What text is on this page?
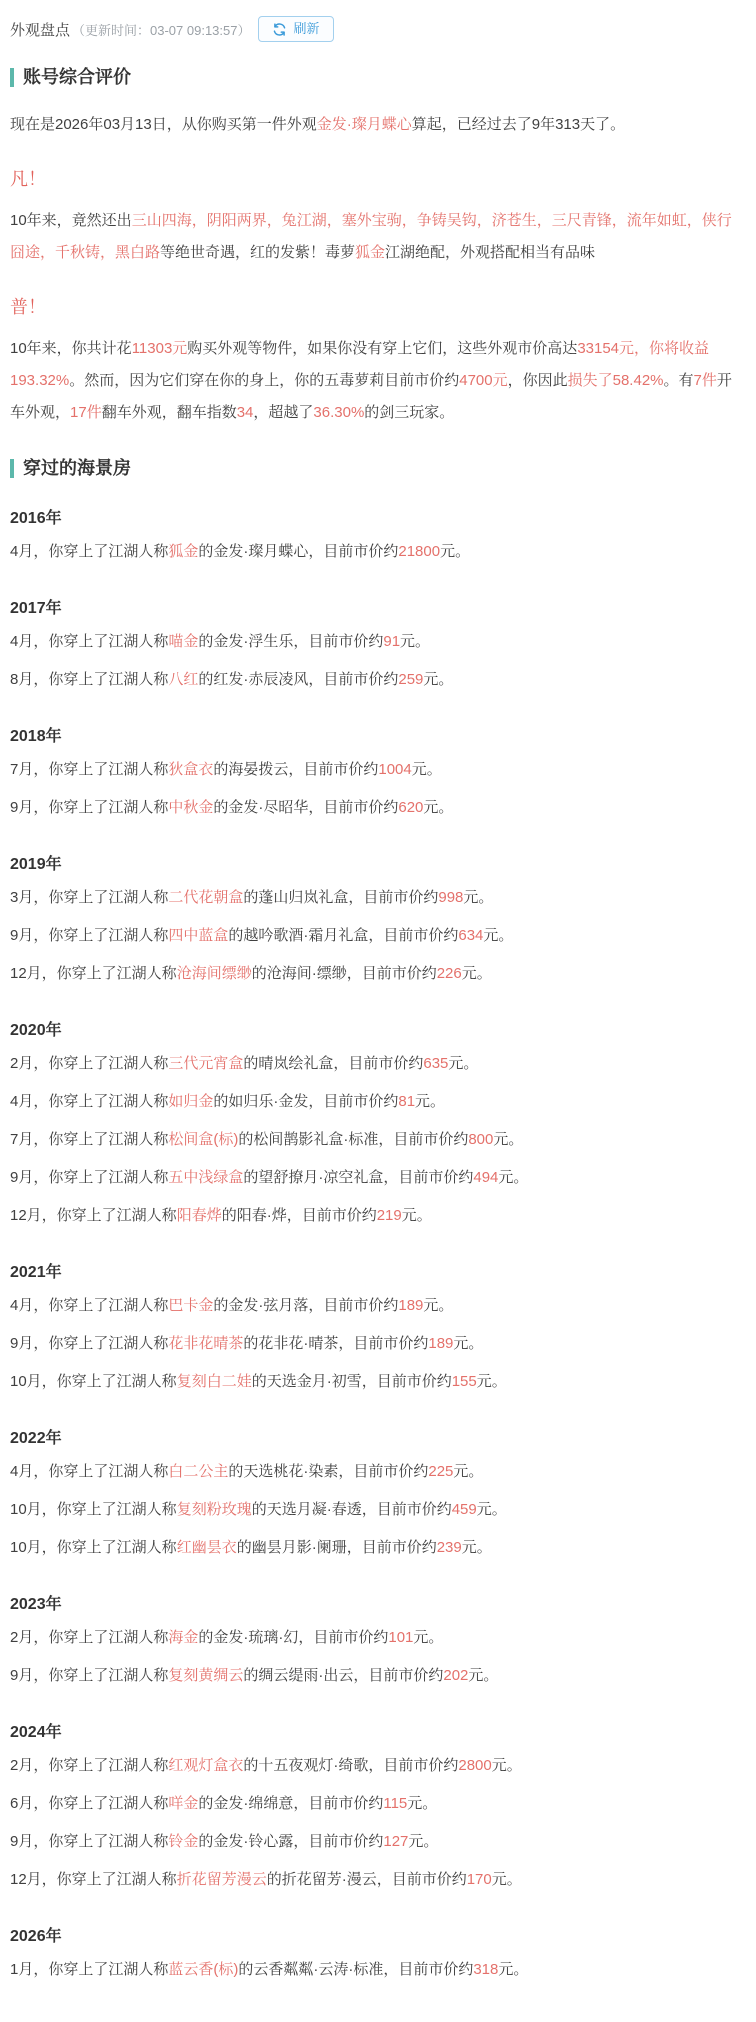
外观盘点 （更新时间：03-07 09:13:57）	刷新
账号综合评价

现在是2026年03月13日，从你购买第一件外观金发·璨月蝶心算起，已经过去了9年313天了。

凡！

10年来，竟然还出三山四海，阴阳两界，兔江湖，塞外宝驹，争铸吴钩，济苍生，三尺青锋，流年如虹，侠行囧途，千秋铸，黑白路等绝世奇遇，红的发紫！毒萝狐金江湖绝配，外观搭配相当有品味

普！

10年来，你共计花11303元购买外观等物件，如果你没有穿上它们，这些外观市价高达33154元，你将收益193.32%。然而，因为它们穿在你的身上，你的五毒萝莉目前市价约4700元，你因此损失了58.42%。有7件开车外观，17件翻车外观，翻车指数34，超越了36.30%的剑三玩家。

穿过的海景房
2016年

4月，你穿上了江湖人称狐金的金发·璨月蝶心，目前市价约21800元。

2017年

4月，你穿上了江湖人称喵金的金发·浮生乐，目前市价约91元。

8月，你穿上了江湖人称八红的红发·赤辰凌风，目前市价约259元。

2018年

7月，你穿上了江湖人称狄盒衣的海晏拨云，目前市价约1004元。

9月，你穿上了江湖人称中秋金的金发·尽昭华，目前市价约620元。

2019年

3月，你穿上了江湖人称二代花朝盒的蓬山归岚礼盒，目前市价约998元。

9月，你穿上了江湖人称四中蓝盒的越吟歌酒·霜月礼盒，目前市价约634元。

12月，你穿上了江湖人称沧海间缥缈的沧海间·缥缈，目前市价约226元。

2020年

2月，你穿上了江湖人称三代元宵盒的晴岚绘礼盒，目前市价约635元。

4月，你穿上了江湖人称如归金的如归乐·金发，目前市价约81元。

7月，你穿上了江湖人称松间盒(标)的松间鹊影礼盒·标准，目前市价约800元。

9月，你穿上了江湖人称五中浅绿盒的望舒撩月·凉空礼盒，目前市价约494元。

12月，你穿上了江湖人称阳春烨的阳春·烨，目前市价约219元。

2021年

4月，你穿上了江湖人称巴卡金的金发·弦月落，目前市价约189元。

9月，你穿上了江湖人称花非花晴茶的花非花·晴茶，目前市价约189元。

10月，你穿上了江湖人称复刻白二娃的天选金月·初雪，目前市价约155元。

2022年

4月，你穿上了江湖人称白二公主的天选桃花·染素，目前市价约225元。

10月，你穿上了江湖人称复刻粉玫瑰的天选月凝·春透，目前市价约459元。

10月，你穿上了江湖人称红幽昙衣的幽昙月影·阑珊，目前市价约239元。

2023年

2月，你穿上了江湖人称海金的金发·琉璃·幻，目前市价约101元。

9月，你穿上了江湖人称复刻黄绸云的绸云缇雨·出云，目前市价约202元。

2024年

2月，你穿上了江湖人称红观灯盒衣的十五夜观灯·绮歌，目前市价约2800元。

6月，你穿上了江湖人称咩金的金发·绵绵意，目前市价约115元。

9月，你穿上了江湖人称铃金的金发·铃心露，目前市价约127元。

12月，你穿上了江湖人称折花留芳漫云的折花留芳·漫云，目前市价约170元。

2026年

1月，你穿上了江湖人称蓝云香(标)的云香粼粼·云涛·标准，目前市价约318元。
